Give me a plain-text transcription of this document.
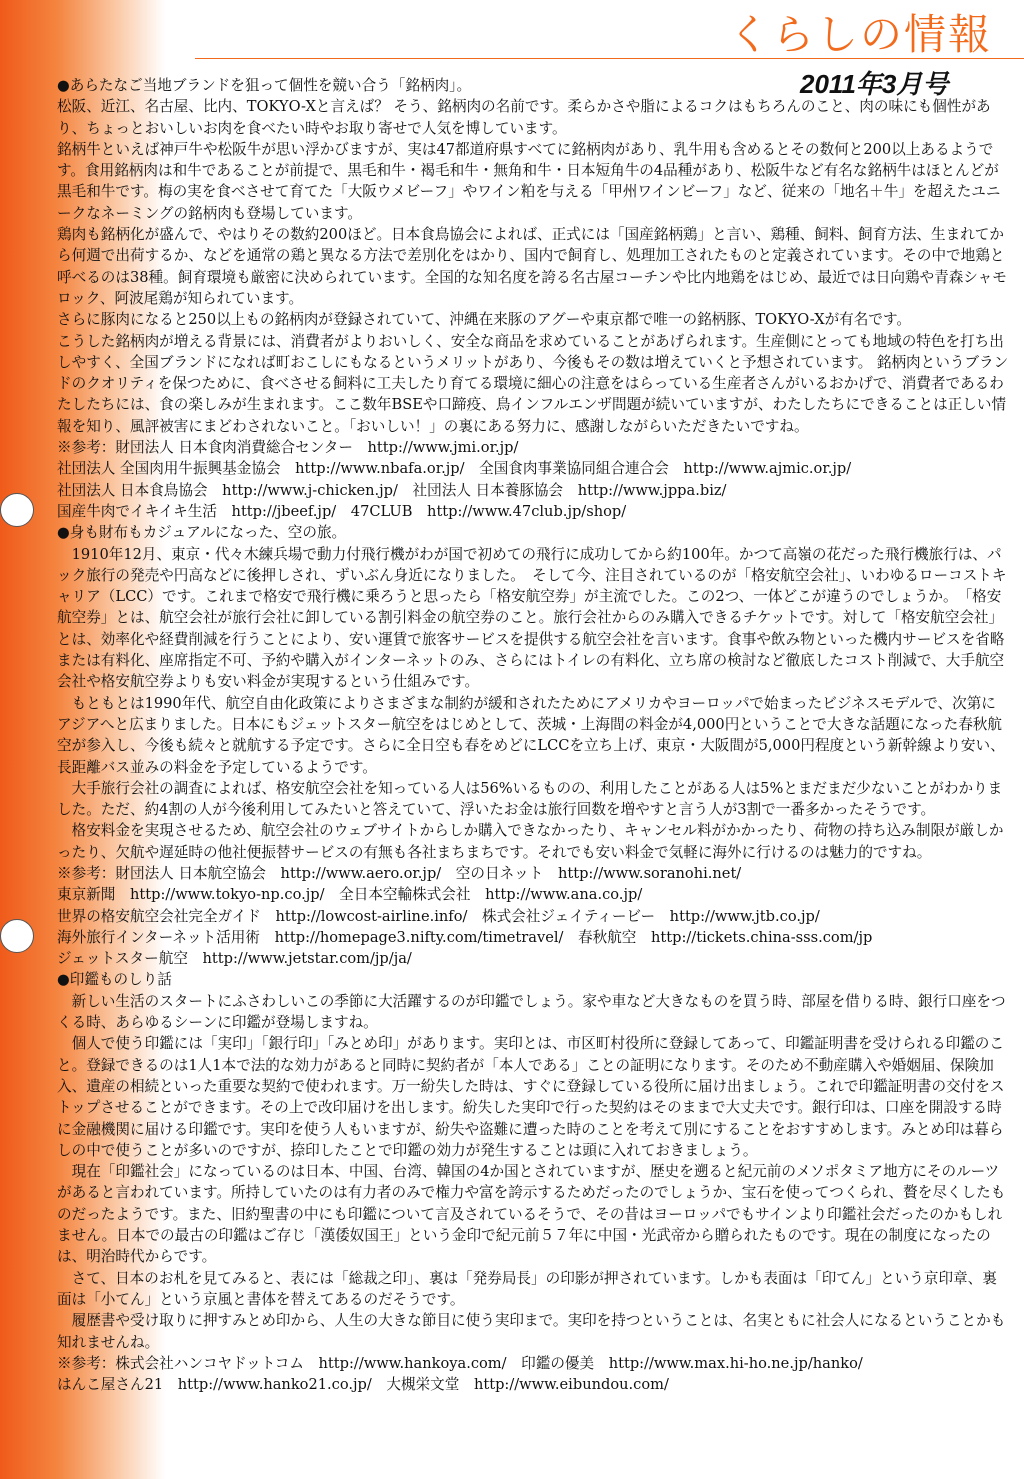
くらしの情報
2011年3月号

●あらたなご当地ブランドを狙って個性を競い合う「銘柄肉」。

松阪、近江、名古屋、比内、TOKYO-Xと言えば？ そう、銘柄肉の名前です。柔らかさや脂によるコクはもちろんのこと、肉の味にも個性があり、ちょっとおいしいお肉を食べたい時やお取り寄せで人気を博しています。

銘柄牛といえば神戸牛や松阪牛が思い浮かびますが、実は47都道府県すべてに銘柄肉があり、乳牛用も含めるとその数何と200以上あるようです。食用銘柄肉は和牛であることが前提で、黒毛和牛・褐毛和牛・無角和牛・日本短角牛の4品種があり、松阪牛など有名な銘柄牛はほとんどが黒毛和牛です。梅の実を食べさせて育てた「大阪ウメビーフ」やワイン粕を与える「甲州ワインビーフ」など、従来の「地名＋牛」を超えたユニークなネーミングの銘柄肉も登場しています。

鶏肉も銘柄化が盛んで、やはりその数約200ほど。日本食鳥協会によれば、正式には「国産銘柄鶏」と言い、鶏種、飼料、飼育方法、生まれてから何週で出荷するか、などを通常の鶏と異なる方法で差別化をはかり、国内で飼育し、処理加工されたものと定義されています。その中で地鶏と呼べるのは38種。飼育環境も厳密に決められています。全国的な知名度を誇る名古屋コーチンや比内地鶏をはじめ、最近では日向鶏や青森シャモロック、阿波尾鶏が知られています。

さらに豚肉になると250以上もの銘柄肉が登録されていて、沖縄在来豚のアグーや東京都で唯一の銘柄豚、TOKYO-Xが有名です。

こうした銘柄肉が増える背景には、消費者がよりおいしく、安全な商品を求めていることがあげられます。生産側にとっても地域の特色を打ち出しやすく、全国ブランドになれば町おこしにもなるというメリットがあり、今後もその数は増えていくと予想されています。 銘柄肉というブランドのクオリティを保つために、食べさせる飼料に工夫したり育てる環境に細心の注意をはらっている生産者さんがいるおかげで、消費者であるわたしたちには、食の楽しみが生まれます。ここ数年BSEや口蹄疫、鳥インフルエンザ問題が続いていますが、わたしたちにできることは正しい情報を知り、風評被害にまどわされないこと。「おいしい！」の裏にある努力に、感謝しながらいただきたいですね。

※参考：財団法人 日本食肉消費総合センター　http://www.jmi.or.jp/

社団法人 全国肉用牛振興基金協会　http://www.nbafa.or.jp/　全国食肉事業協同組合連合会　http://www.ajmic.or.jp/

社団法人 日本食鳥協会　http://www.j-chicken.jp/　社団法人 日本養豚協会　http://www.jppa.biz/

国産牛肉でイキイキ生活　http://jbeef.jp/　47CLUB　http://www.47club.jp/shop/

●身も財布もカジュアルになった、空の旅。

　1910年12月、東京・代々木練兵場で動力付飛行機がわが国で初めての飛行に成功してから約100年。かつて高嶺の花だった飛行機旅行は、パック旅行の発売や円高などに後押しされ、ずいぶん身近になりました。　そして今、注目されているのが「格安航空会社」、いわゆるローコストキャリア（LCC）です。これまで格安で飛行機に乗ろうと思ったら「格安航空券」が主流でした。この2つ、一体どこが違うのでしょうか。　「格安航空券」とは、航空会社が旅行会社に卸している割引料金の航空券のこと。旅行会社からのみ購入できるチケットです。対して「格安航空会社」とは、効率化や経費削減を行うことにより、安い運賃で旅客サービスを提供する航空会社を言います。食事や飲み物といった機内サービスを省略または有料化、座席指定不可、予約や購入がインターネットのみ、さらにはトイレの有料化、立ち席の検討など徹底したコスト削減で、大手航空会社や格安航空券よりも安い料金が実現するという仕組みです。

　もともとは1990年代、航空自由化政策によりさまざまな制約が緩和されたためにアメリカやヨーロッパで始まったビジネスモデルで、次第にアジアへと広まりました。日本にもジェットスター航空をはじめとして、茨城・上海間の料金が4,000円ということで大きな話題になった春秋航空が参入し、今後も続々と就航する予定です。さらに全日空も春をめどにLCCを立ち上げ、東京・大阪間が5,000円程度という新幹線より安い、長距離バス並みの料金を予定しているようです。

　大手旅行会社の調査によれば、格安航空会社を知っている人は56%いるものの、利用したことがある人は5%とまだまだ少ないことがわかりました。ただ、約4割の人が今後利用してみたいと答えていて、浮いたお金は旅行回数を増やすと言う人が3割で一番多かったそうです。

　格安料金を実現させるため、航空会社のウェブサイトからしか購入できなかったり、キャンセル料がかかったり、荷物の持ち込み制限が厳しかったり、欠航や遅延時の他社便振替サービスの有無も各社まちまちです。それでも安い料金で気軽に海外に行けるのは魅力的ですね。

※参考：財団法人 日本航空協会　http://www.aero.or.jp/　空の日ネット　http://www.soranohi.net/

東京新聞　http://www.tokyo-np.co.jp/　全日本空輸株式会社　http://www.ana.co.jp/

世界の格安航空会社完全ガイド　http://lowcost-airline.info/　株式会社ジェイティービー　http://www.jtb.co.jp/

海外旅行インターネット活用術　http://homepage3.nifty.com/timetravel/　春秋航空　http://tickets.china-sss.com/jp

ジェットスター航空　http://www.jetstar.com/jp/ja/

●印鑑ものしり話

　新しい生活のスタートにふさわしいこの季節に大活躍するのが印鑑でしょう。家や車など大きなものを買う時、部屋を借りる時、銀行口座をつくる時、あらゆるシーンに印鑑が登場しますね。

　個人で使う印鑑には「実印」「銀行印」「みとめ印」があります。実印とは、市区町村役所に登録してあって、印鑑証明書を受けられる印鑑のこと。登録できるのは1人1本で法的な効力があると同時に契約者が「本人である」ことの証明になります。そのため不動産購入や婚姻届、保険加入、遺産の相続といった重要な契約で使われます。万一紛失した時は、すぐに登録している役所に届け出ましょう。これで印鑑証明書の交付をストップさせることができます。その上で改印届けを出します。紛失した実印で行った契約はそのままで大丈夫です。銀行印は、口座を開設する時に金融機関に届ける印鑑です。実印を使う人もいますが、紛失や盗難に遭った時のことを考えて別にすることをおすすめします。みとめ印は暮らしの中で使うことが多いのですが、捺印したことで印鑑の効力が発生することは頭に入れておきましょう。

　現在「印鑑社会」になっているのは日本、中国、台湾、韓国の4か国とされていますが、歴史を遡ると紀元前のメソポタミア地方にそのルーツがあると言われています。所持していたのは有力者のみで権力や富を誇示するためだったのでしょうか、宝石を使ってつくられ、贅を尽くしたものだったようです。また、旧約聖書の中にも印鑑について言及されているそうで、その昔はヨーロッパでもサインより印鑑社会だったのかもしれません。日本での最古の印鑑はご存じ「漢倭奴国王」という金印で紀元前５７年に中国・光武帝から贈られたものです。現在の制度になったのは、明治時代からです。

　さて、日本のお札を見てみると、表には「総裁之印」、裏は「発券局長」の印影が押されています。しかも表面は「印てん」という京印章、裏面は「小てん」という京風と書体を替えてあるのだそうです。

　履歴書や受け取りに押すみとめ印から、人生の大きな節目に使う実印まで。実印を持つということは、名実ともに社会人になるということかも知れませんね。

※参考：株式会社ハンコヤドットコム　http://www.hankoya.com/　印鑑の優美　http://www.max.hi-ho.ne.jp/hanko/

はんこ屋さん21　http://www.hanko21.co.jp/　大槻栄文堂　http://www.eibundou.com/
